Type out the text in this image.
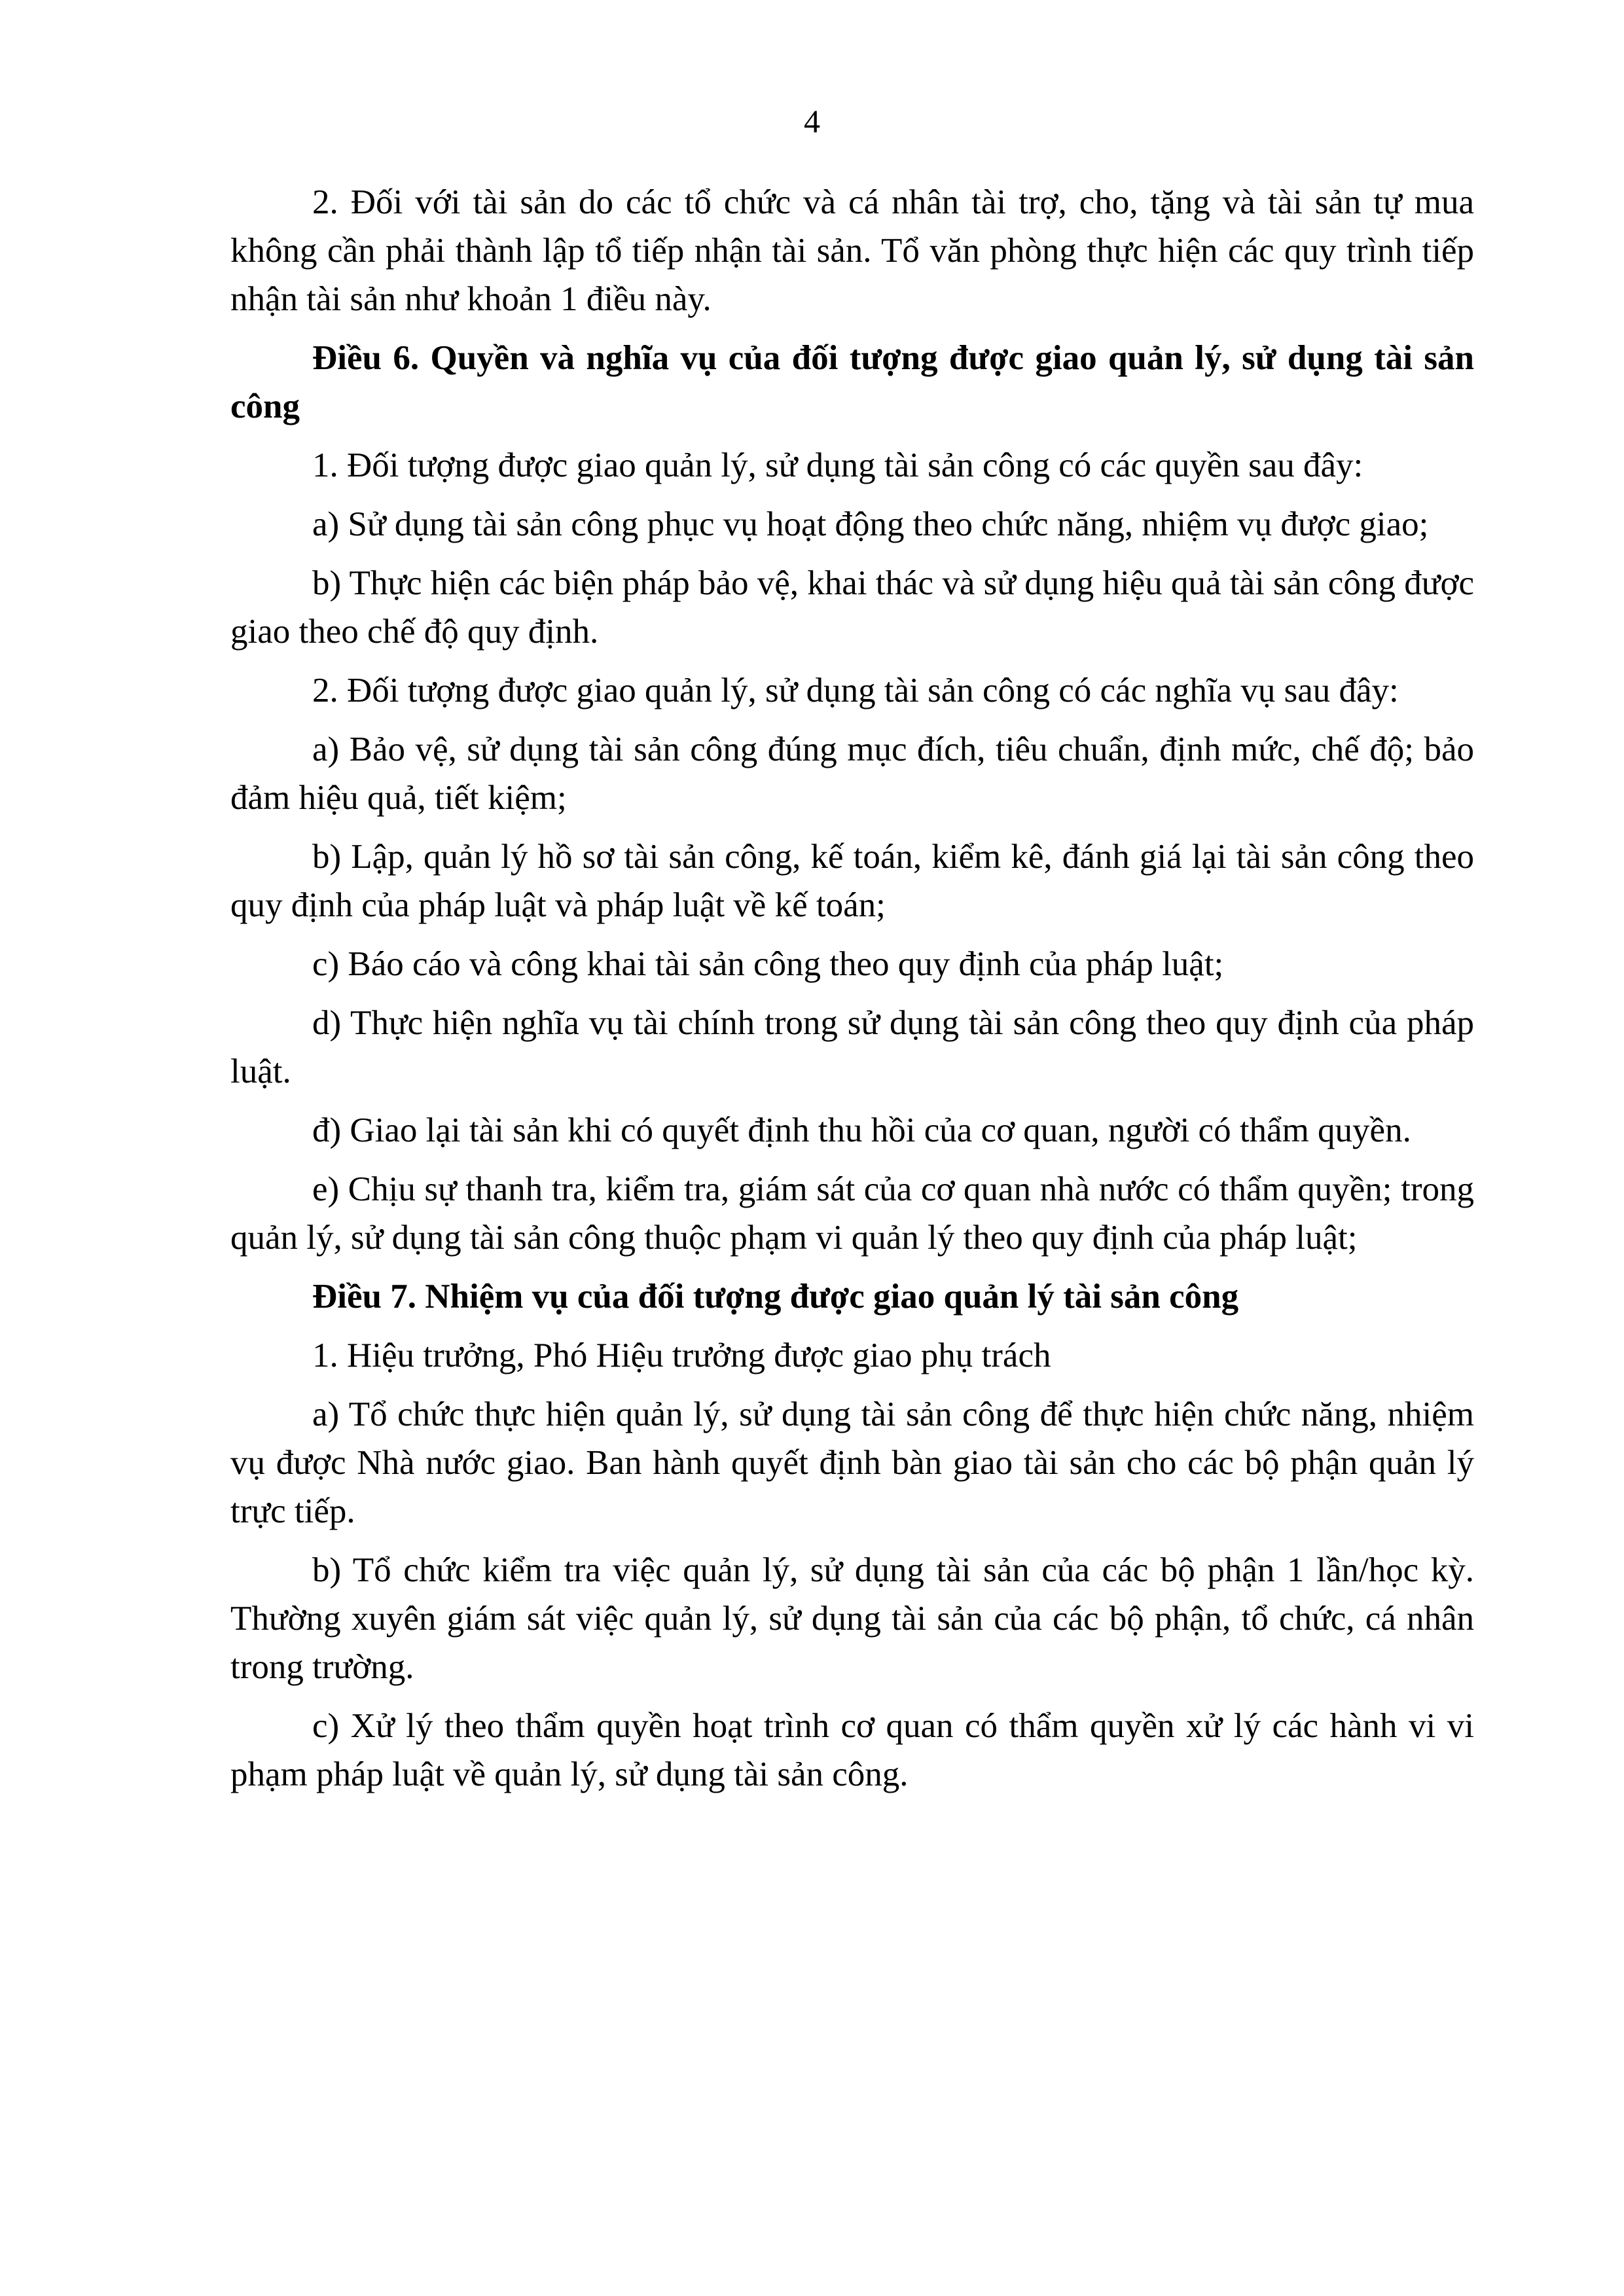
4

2. Đối với tài sản do các tổ chức và cá nhân tài trợ, cho, tặng và tài sản tự mua không cần phải thành lập tổ tiếp nhận tài sản. Tổ văn phòng thực hiện các quy trình tiếp nhận tài sản như khoản 1 điều này.

Điều 6. Quyền và nghĩa vụ của đối tượng được giao quản lý, sử dụng tài sản công

1. Đối tượng được giao quản lý, sử dụng tài sản công có các quyền sau đây:

a) Sử dụng tài sản công phục vụ hoạt động theo chức năng, nhiệm vụ được giao;

b) Thực hiện các biện pháp bảo vệ, khai thác và sử dụng hiệu quả tài sản công được giao theo chế độ quy định.

2. Đối tượng được giao quản lý, sử dụng tài sản công có các nghĩa vụ sau đây:

a) Bảo vệ, sử dụng tài sản công đúng mục đích, tiêu chuẩn, định mức, chế độ; bảo đảm hiệu quả, tiết kiệm;

b) Lập, quản lý hồ sơ tài sản công, kế toán, kiểm kê, đánh giá lại tài sản công theo quy định của pháp luật và pháp luật về kế toán;

c) Báo cáo và công khai tài sản công theo quy định của pháp luật;

d) Thực hiện nghĩa vụ tài chính trong sử dụng tài sản công theo quy định của pháp luật.

đ) Giao lại tài sản khi có quyết định thu hồi của cơ quan, người có thẩm quyền.

e) Chịu sự thanh tra, kiểm tra, giám sát của cơ quan nhà nước có thẩm quyền; trong quản lý, sử dụng tài sản công thuộc phạm vi quản lý theo quy định của pháp luật;

Điều 7. Nhiệm vụ của đối tượng được giao quản lý tài sản công

1. Hiệu trưởng, Phó Hiệu trưởng được giao phụ trách

a) Tổ chức thực hiện quản lý, sử dụng tài sản công để thực hiện chức năng, nhiệm vụ được Nhà nước giao. Ban hành quyết định bàn giao tài sản cho các bộ phận quản lý trực tiếp.

b) Tổ chức kiểm tra việc quản lý, sử dụng tài sản của các bộ phận 1 lần/học kỳ. Thường xuyên giám sát việc quản lý, sử dụng tài sản của các bộ phận, tổ chức, cá nhân trong trường.

c) Xử lý theo thẩm quyền hoạt trình cơ quan có thẩm quyền xử lý các hành vi vi phạm pháp luật về quản lý, sử dụng tài sản công.
